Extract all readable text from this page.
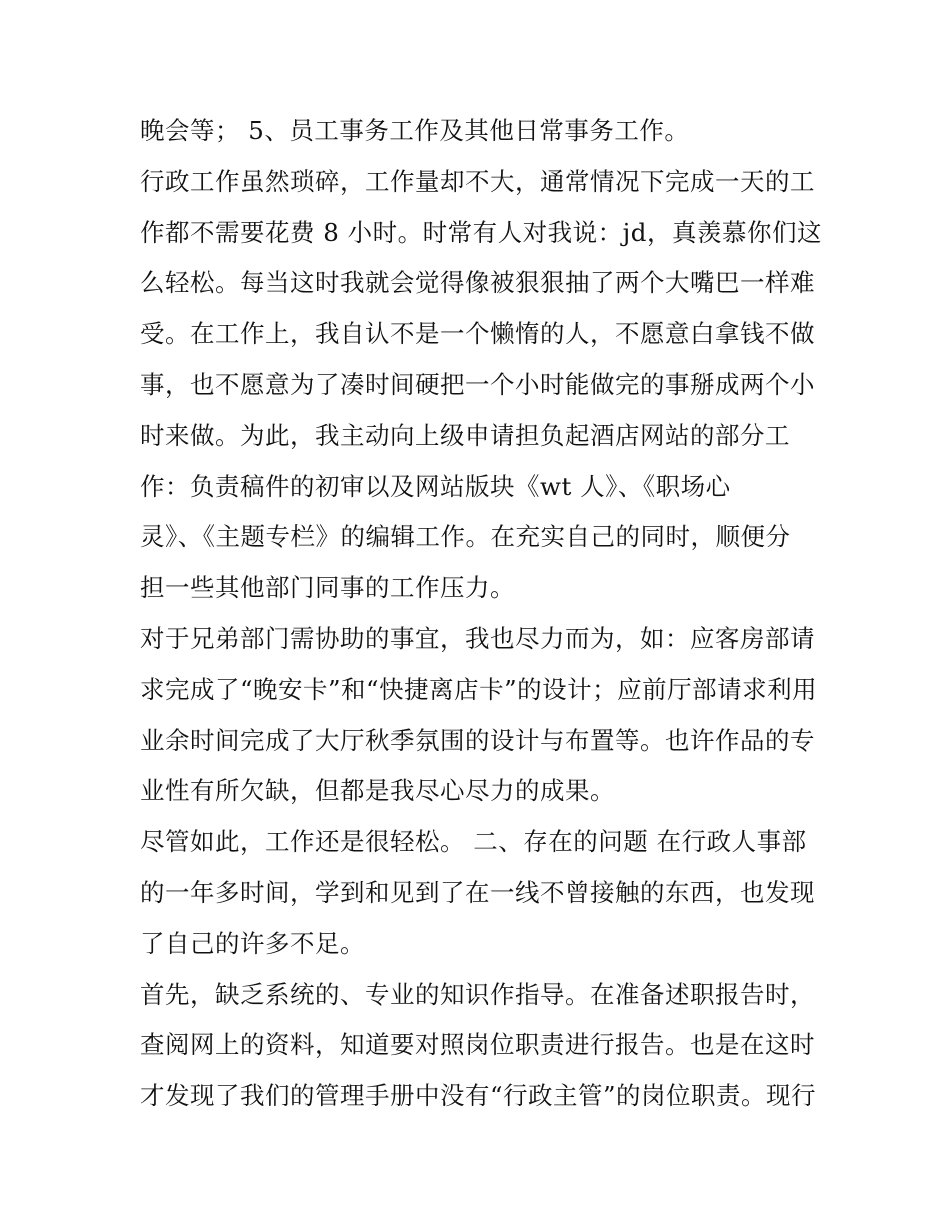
晚会等； 5、员工事务工作及其他日常事务工作。
行政工作虽然琐碎，工作量却不大，通常情况下完成一天的工
作都不需要花费 8 小时。时常有人对我说：jd，真羡慕你们这
么轻松。每当这时我就会觉得像被狠狠抽了两个大嘴巴一样难
受。在工作上，我自认不是一个懒惰的人，不愿意白拿钱不做
事，也不愿意为了凑时间硬把一个小时能做完的事掰成两个小
时来做。为此，我主动向上级申请担负起酒店网站的部分工
作：负责稿件的初审以及网站版块《wt 人》、《职场心
灵》、《主题专栏》的编辑工作。在充实自己的同时，顺便分
担一些其他部门同事的工作压力。
对于兄弟部门需协助的事宜，我也尽力而为，如：应客房部请
求完成了“晚安卡”和“快捷离店卡”的设计；应前厅部请求利用
业余时间完成了大厅秋季氛围的设计与布置等。也许作品的专
业性有所欠缺，但都是我尽心尽力的成果。
尽管如此，工作还是很轻松。 二、存在的问题 在行政人事部
的一年多时间，学到和见到了在一线不曾接触的东西，也发现
了自己的许多不足。
首先，缺乏系统的、专业的知识作指导。在准备述职报告时，
查阅网上的资料，知道要对照岗位职责进行报告。也是在这时
才发现了我们的管理手册中没有“行政主管”的岗位职责。现行
